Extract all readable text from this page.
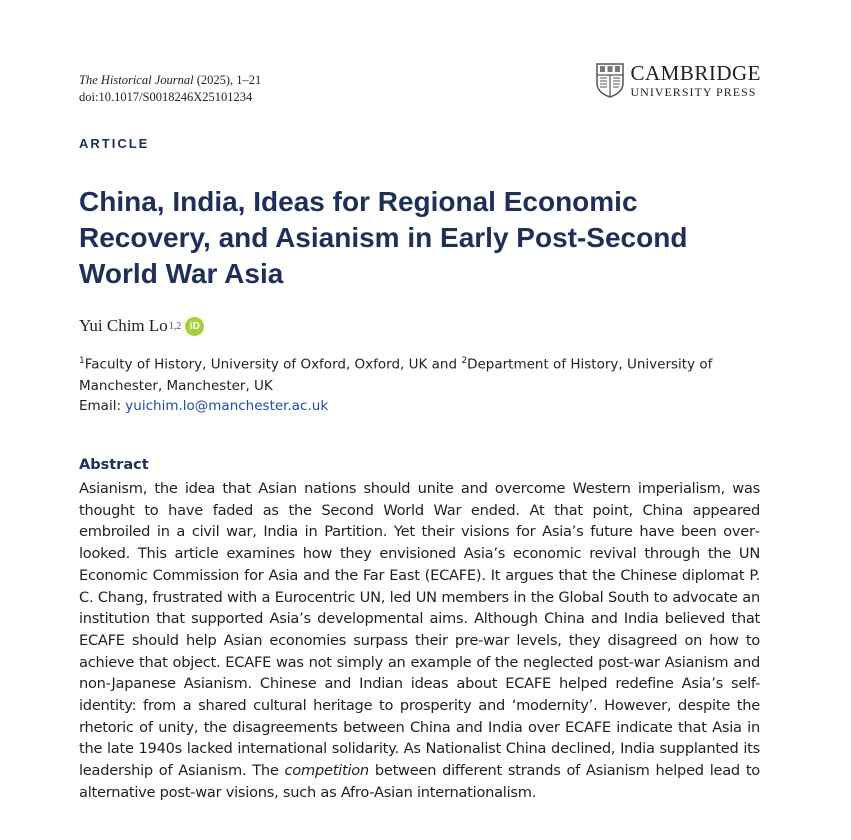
The Historical Journal (2025), 1–21
doi:10.1017/S0018246X25101234
CAMBRIDGE
UNIVERSITY PRESS
ARTICLE
China, India, Ideas for Regional Economic Recovery, and Asianism in Early Post-Second World War Asia
Yui Chim Lo 1,2 iD
$^1$Faculty of History, University of Oxford, Oxford, UK and $^2$Department of History, University of Manchester, Manchester, UK
Email: yuichim.lo@manchester.ac.uk
Abstract

Asianism, the idea that Asian nations should unite and overcome Western imperialism, was thought to have faded as the Second World War ended. At that point, China appeared embroiled in a civil war, India in Partition. Yet their visions for Asia’s future have been overlooked. This article examines how they envisioned Asia’s economic revival through the UN Economic Commission for Asia and the Far East (ECAFE). It argues that the Chinese diplomat P. C. Chang, frustrated with a Eurocentric UN, led UN members in the Global South to advocate an institution that supported Asia’s developmental aims. Although China and India believed that ECAFE should help Asian economies surpass their pre-war levels, they disagreed on how to achieve that object. ECAFE was not simply an example of the neglected post-war Asianism and non-Japanese Asianism. Chinese and Indian ideas about ECAFE helped redefine Asia’s self-identity: from a shared cultural heritage to prosperity and ‘modernity’. However, despite the rhetoric of unity, the disagreements between China and India over ECAFE indicate that Asia in the late 1940s lacked international solidarity. As Nationalist China declined, India supplanted its leadership of Asianism. The competition between different strands of Asianism helped lead to alternative post-war visions, such as Afro-Asian internationalism.
